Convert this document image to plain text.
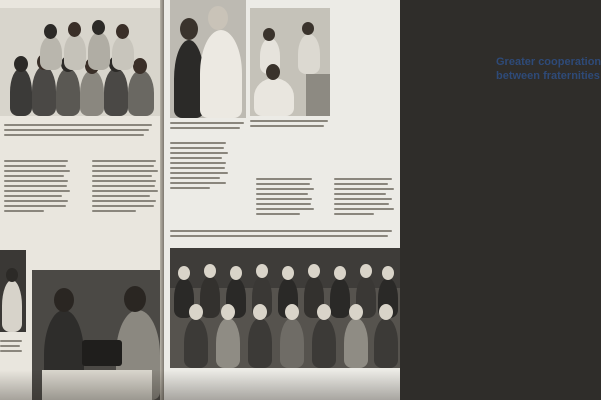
Greater cooperation
between fraternities
